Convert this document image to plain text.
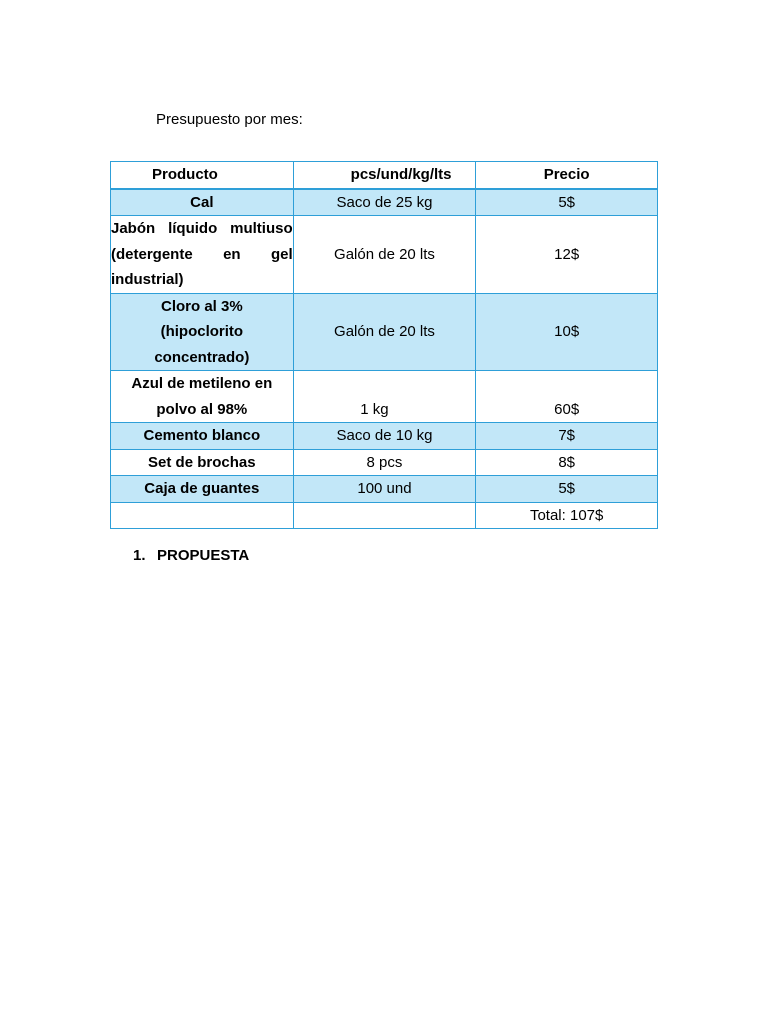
Presupuesto por mes:
Producto	pcs/und/kg/lts	Precio
Cal	Saco de 25 kg	5$
Jabón líquido multiuso (detergente en gel industrial)	Galón de 20 lts	12$
Cloro al 3% (hipoclorito concentrado)	Galón de 20 lts	10$
Azul de metileno en polvo al 98%	1 kg	60$
Cemento blanco	Saco de 10 kg	7$
Set de brochas	8 pcs	8$
Caja de guantes	100 und	5$
		Total: 107$
1. PROPUESTA
